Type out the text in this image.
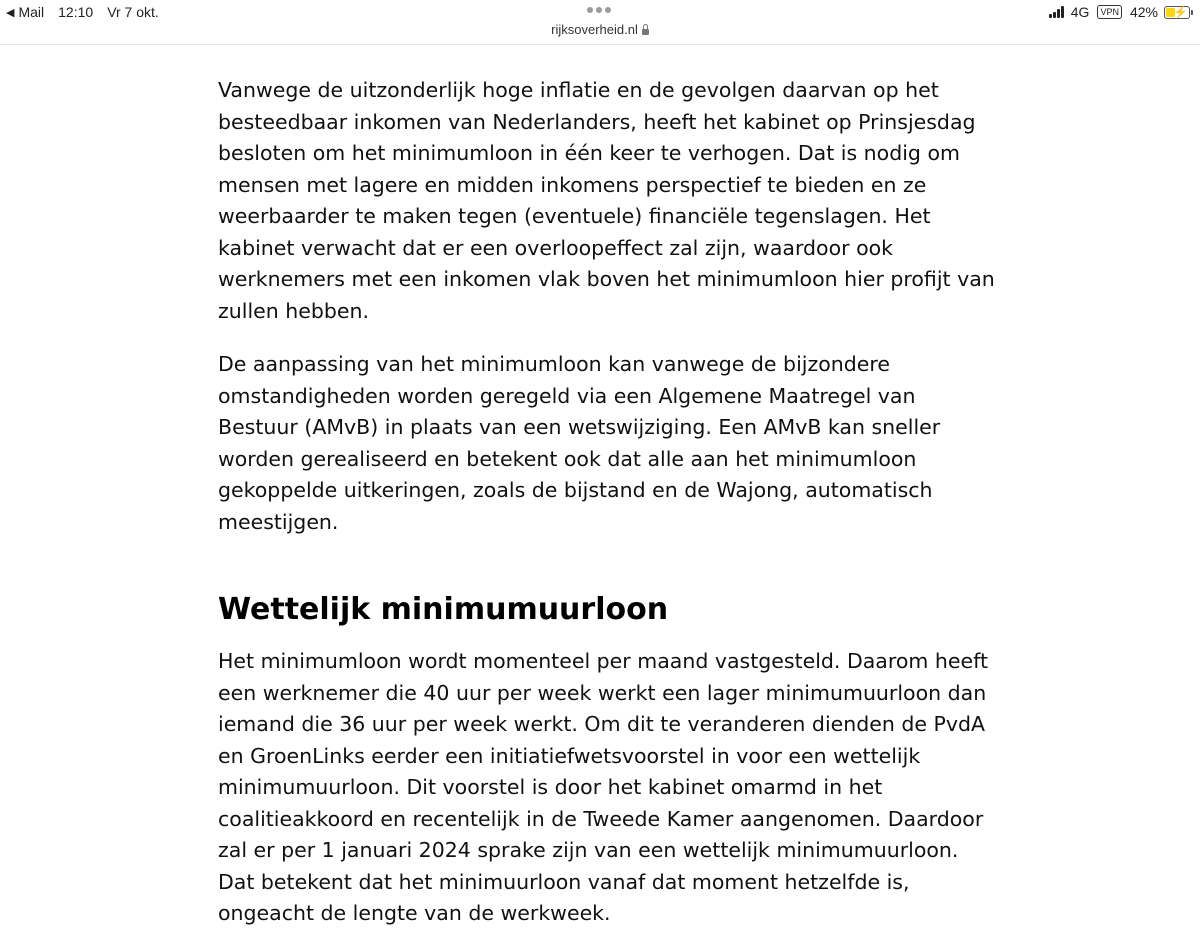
◀ Mail 12:10 Vr 7 okt.	4G	VPN 42% ⚡
rijksoverheid.nl

Vanwege de uitzonderlijk hoge inflatie en de gevolgen daarvan op het besteedbaar inkomen van Nederlanders, heeft het kabinet op Prinsjesdag besloten om het minimumloon in één keer te verhogen. Dat is nodig om mensen met lagere en midden inkomens perspectief te bieden en ze weerbaarder te maken tegen (eventuele) financiële tegenslagen. Het kabinet verwacht dat er een overloopeffect zal zijn, waardoor ook werknemers met een inkomen vlak boven het minimumloon hier profijt van zullen hebben.

De aanpassing van het minimumloon kan vanwege de bijzondere omstandigheden worden geregeld via een Algemene Maatregel van Bestuur (AMvB) in plaats van een wetswijziging. Een AMvB kan sneller worden gerealiseerd en betekent ook dat alle aan het minimumloon gekoppelde uitkeringen, zoals de bijstand en de Wajong, automatisch meestijgen.

Wettelijk minimumuurloon

Het minimumloon wordt momenteel per maand vastgesteld. Daarom heeft een werknemer die 40 uur per week werkt een lager minimumuurloon dan iemand die 36 uur per week werkt. Om dit te veranderen dienden de PvdA en GroenLinks eerder een initiatiefwetsvoorstel in voor een wettelijk minimumuurloon. Dit voorstel is door het kabinet omarmd in het coalitieakkoord en recentelijk in de Tweede Kamer aangenomen. Daardoor zal er per 1 januari 2024 sprake zijn van een wettelijk minimumuurloon. Dat betekent dat het minimuurloon vanaf dat moment hetzelfde is, ongeacht de lengte van de werkweek.
